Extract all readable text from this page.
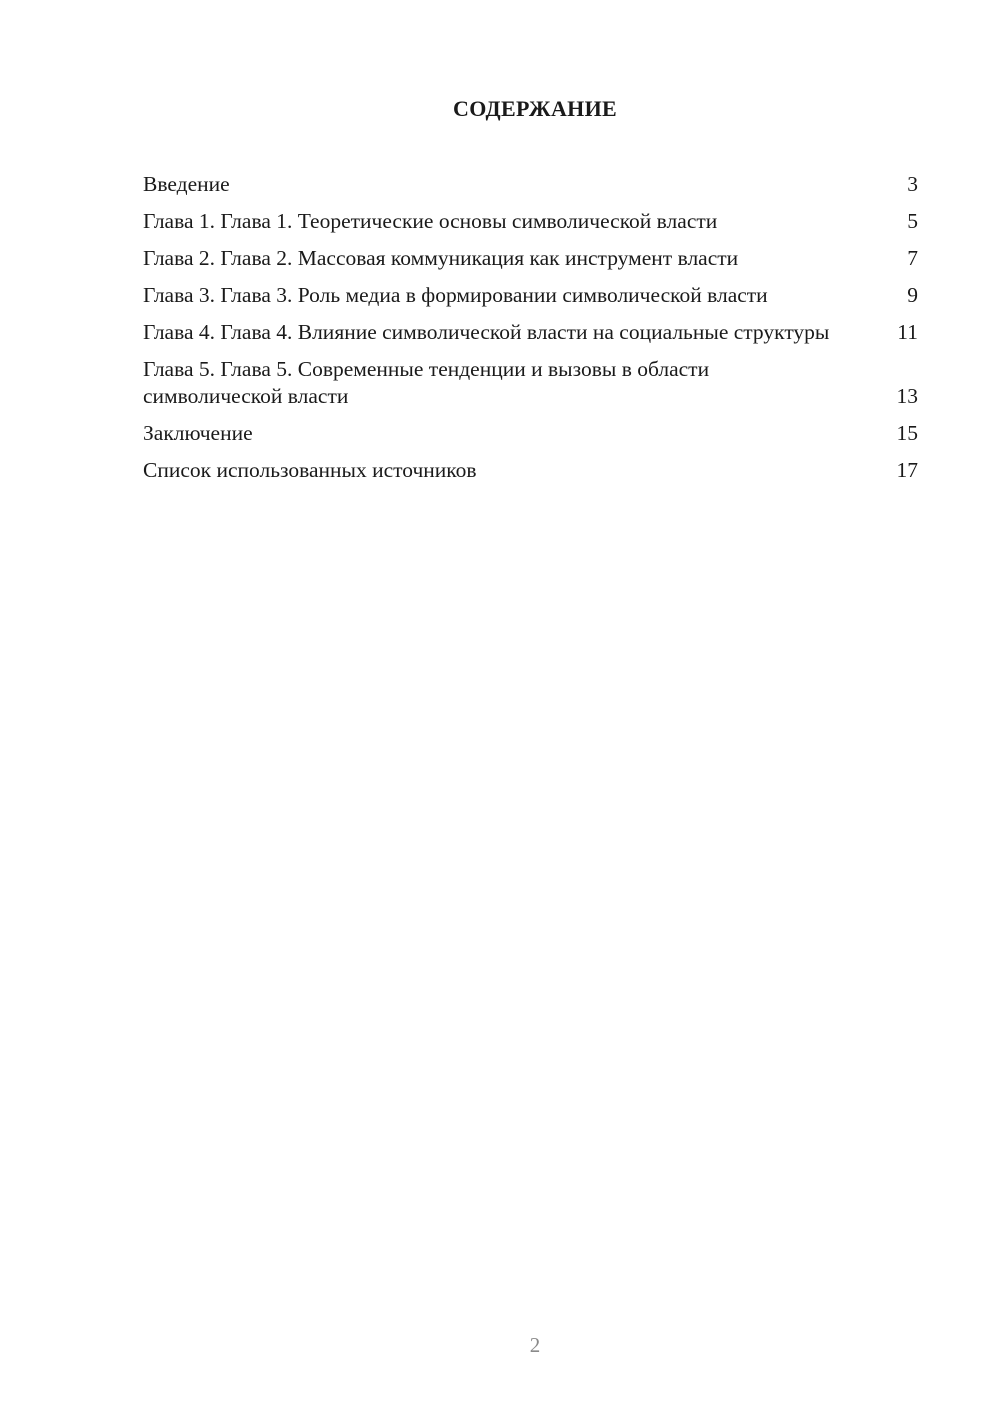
СОДЕРЖАНИЕ
Введение	3
Глава 1. Глава 1. Теоретические основы символической власти	5
Глава 2. Глава 2. Массовая коммуникация как инструмент власти	7
Глава 3. Глава 3. Роль медиа в формировании символической власти	9
Глава 4. Глава 4. Влияние символической власти на социальные структуры	11
Глава 5. Глава 5. Современные тенденции и вызовы в области символической власти	13
Заключение	15
Список использованных источников	17
2
